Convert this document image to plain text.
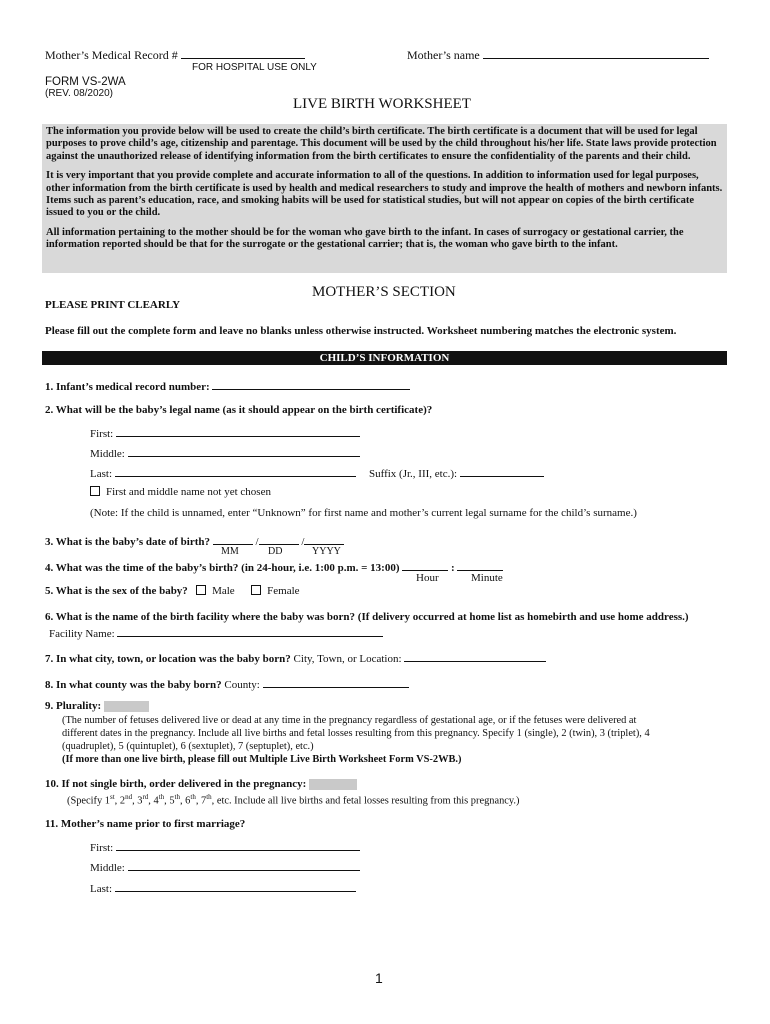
Mother’s Medical Record #
FOR HOSPITAL USE ONLY
Mother’s name
FORM VS-2WA
(REV. 08/2020)
LIVE BIRTH WORKSHEET

The information you provide below will be used to create the child’s birth certificate. The birth certificate is a document that will be used for legal purposes to prove child’s age, citizenship and parentage. This document will be used by the child throughout his/her life. State laws provide protection against the unauthorized release of identifying information from the birth certificates to ensure the confidentiality of the parents and their child.

It is very important that you provide complete and accurate information to all of the questions. In addition to information used for legal purposes, other information from the birth certificate is used by health and medical researchers to study and improve the health of mothers and newborn infants. Items such as parent’s education, race, and smoking habits will be used for statistical studies, but will not appear on copies of the birth certificate issued to you or the child.

All information pertaining to the mother should be for the woman who gave birth to the infant. In cases of surrogacy or gestational carrier, the information reported should be that for the surrogate or the gestational carrier; that is, the woman who gave birth to the infant.

MOTHER’S SECTION
PLEASE PRINT CLEARLY
Please fill out the complete form and leave no blanks unless otherwise instructed. Worksheet numbering matches the electronic system.
CHILD’S INFORMATION
1. Infant’s medical record number:
2. What will be the baby’s legal name (as it should appear on the birth certificate)?
First:
Middle:
Last:	Suffix (Jr., III, etc.):
First and middle name not yet chosen
(Note: If the child is unnamed, enter “Unknown” for first name and mother’s current legal surname for the child’s surname.)
3. What is the baby’s date of birth?	/	/
MM	DD	YYYY
4. What was the time of the baby’s birth? (in 24-hour, i.e. 1:00 p.m. = 13:00)	:
Hour	Minute
5. What is the sex of the baby? Male	Female
6. What is the name of the birth facility where the baby was born? (If delivery occurred at home list as homebirth and use home address.)
Facility Name:
7. In what city, town, or location was the baby born? City, Town, or Location:
8. In what county was the baby born? County:
9. Plurality:
(The number of fetuses delivered live or dead at any time in the pregnancy regardless of gestational age, or if the fetuses were delivered at
different dates in the pregnancy. Include all live births and fetal losses resulting from this pregnancy. Specify 1 (single), 2 (twin), 3 (triplet), 4
(quadruplet), 5 (quintuplet), 6 (sextuplet), 7 (septuplet), etc.)
(If more than one live birth, please fill out Multiple Live Birth Worksheet Form VS-2WB.)
10. If not single birth, order delivered in the pregnancy:
(Specify 1st, 2nd, 3rd, 4th, 5th, 6th, 7th, etc. Include all live births and fetal losses resulting from this pregnancy.)
11. Mother’s name prior to first marriage?
First:
Middle:
Last:
1
